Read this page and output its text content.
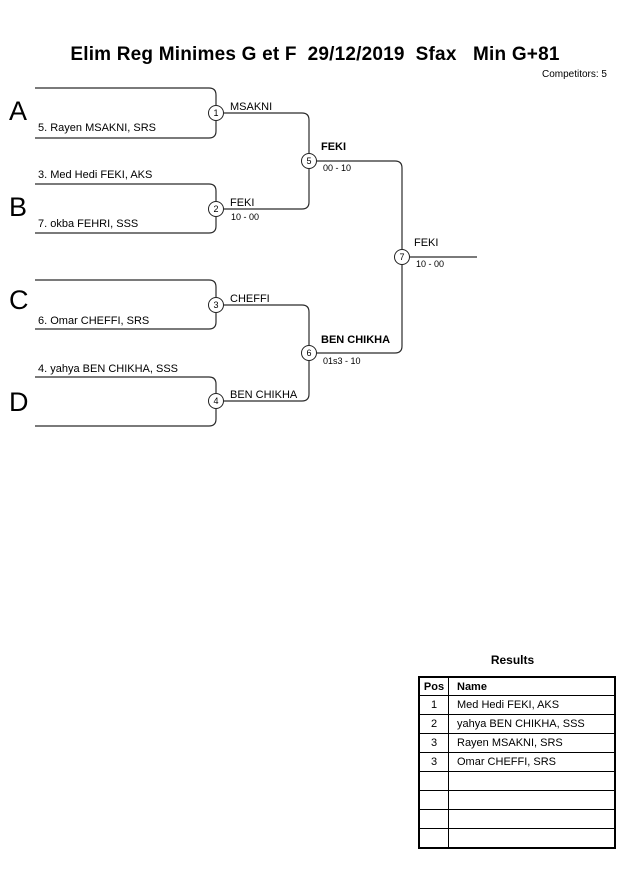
Elim Reg Minimes G et F  29/12/2019  Sfax   Min G+81
Competitors: 5
A
B
C
D
5. Rayen MSAKNI, SRS
3. Med Hedi FEKI, AKS
7. okba FEHRI, SSS
6. Omar CHEFFI, SRS
4. yahya BEN CHIKHA, SSS
1
2
3
4
5
6
7
MSAKNI
FEKI
CHEFFI
BEN CHIKHA
FEKI
BEN CHIKHA
FEKI
10 - 00
00 - 10
01s3 - 10
10 - 00
Results
Pos	Name
1	Med Hedi FEKI, AKS
2	yahya BEN CHIKHA, SSS
3	Rayen MSAKNI, SRS
3	Omar CHEFFI, SRS
